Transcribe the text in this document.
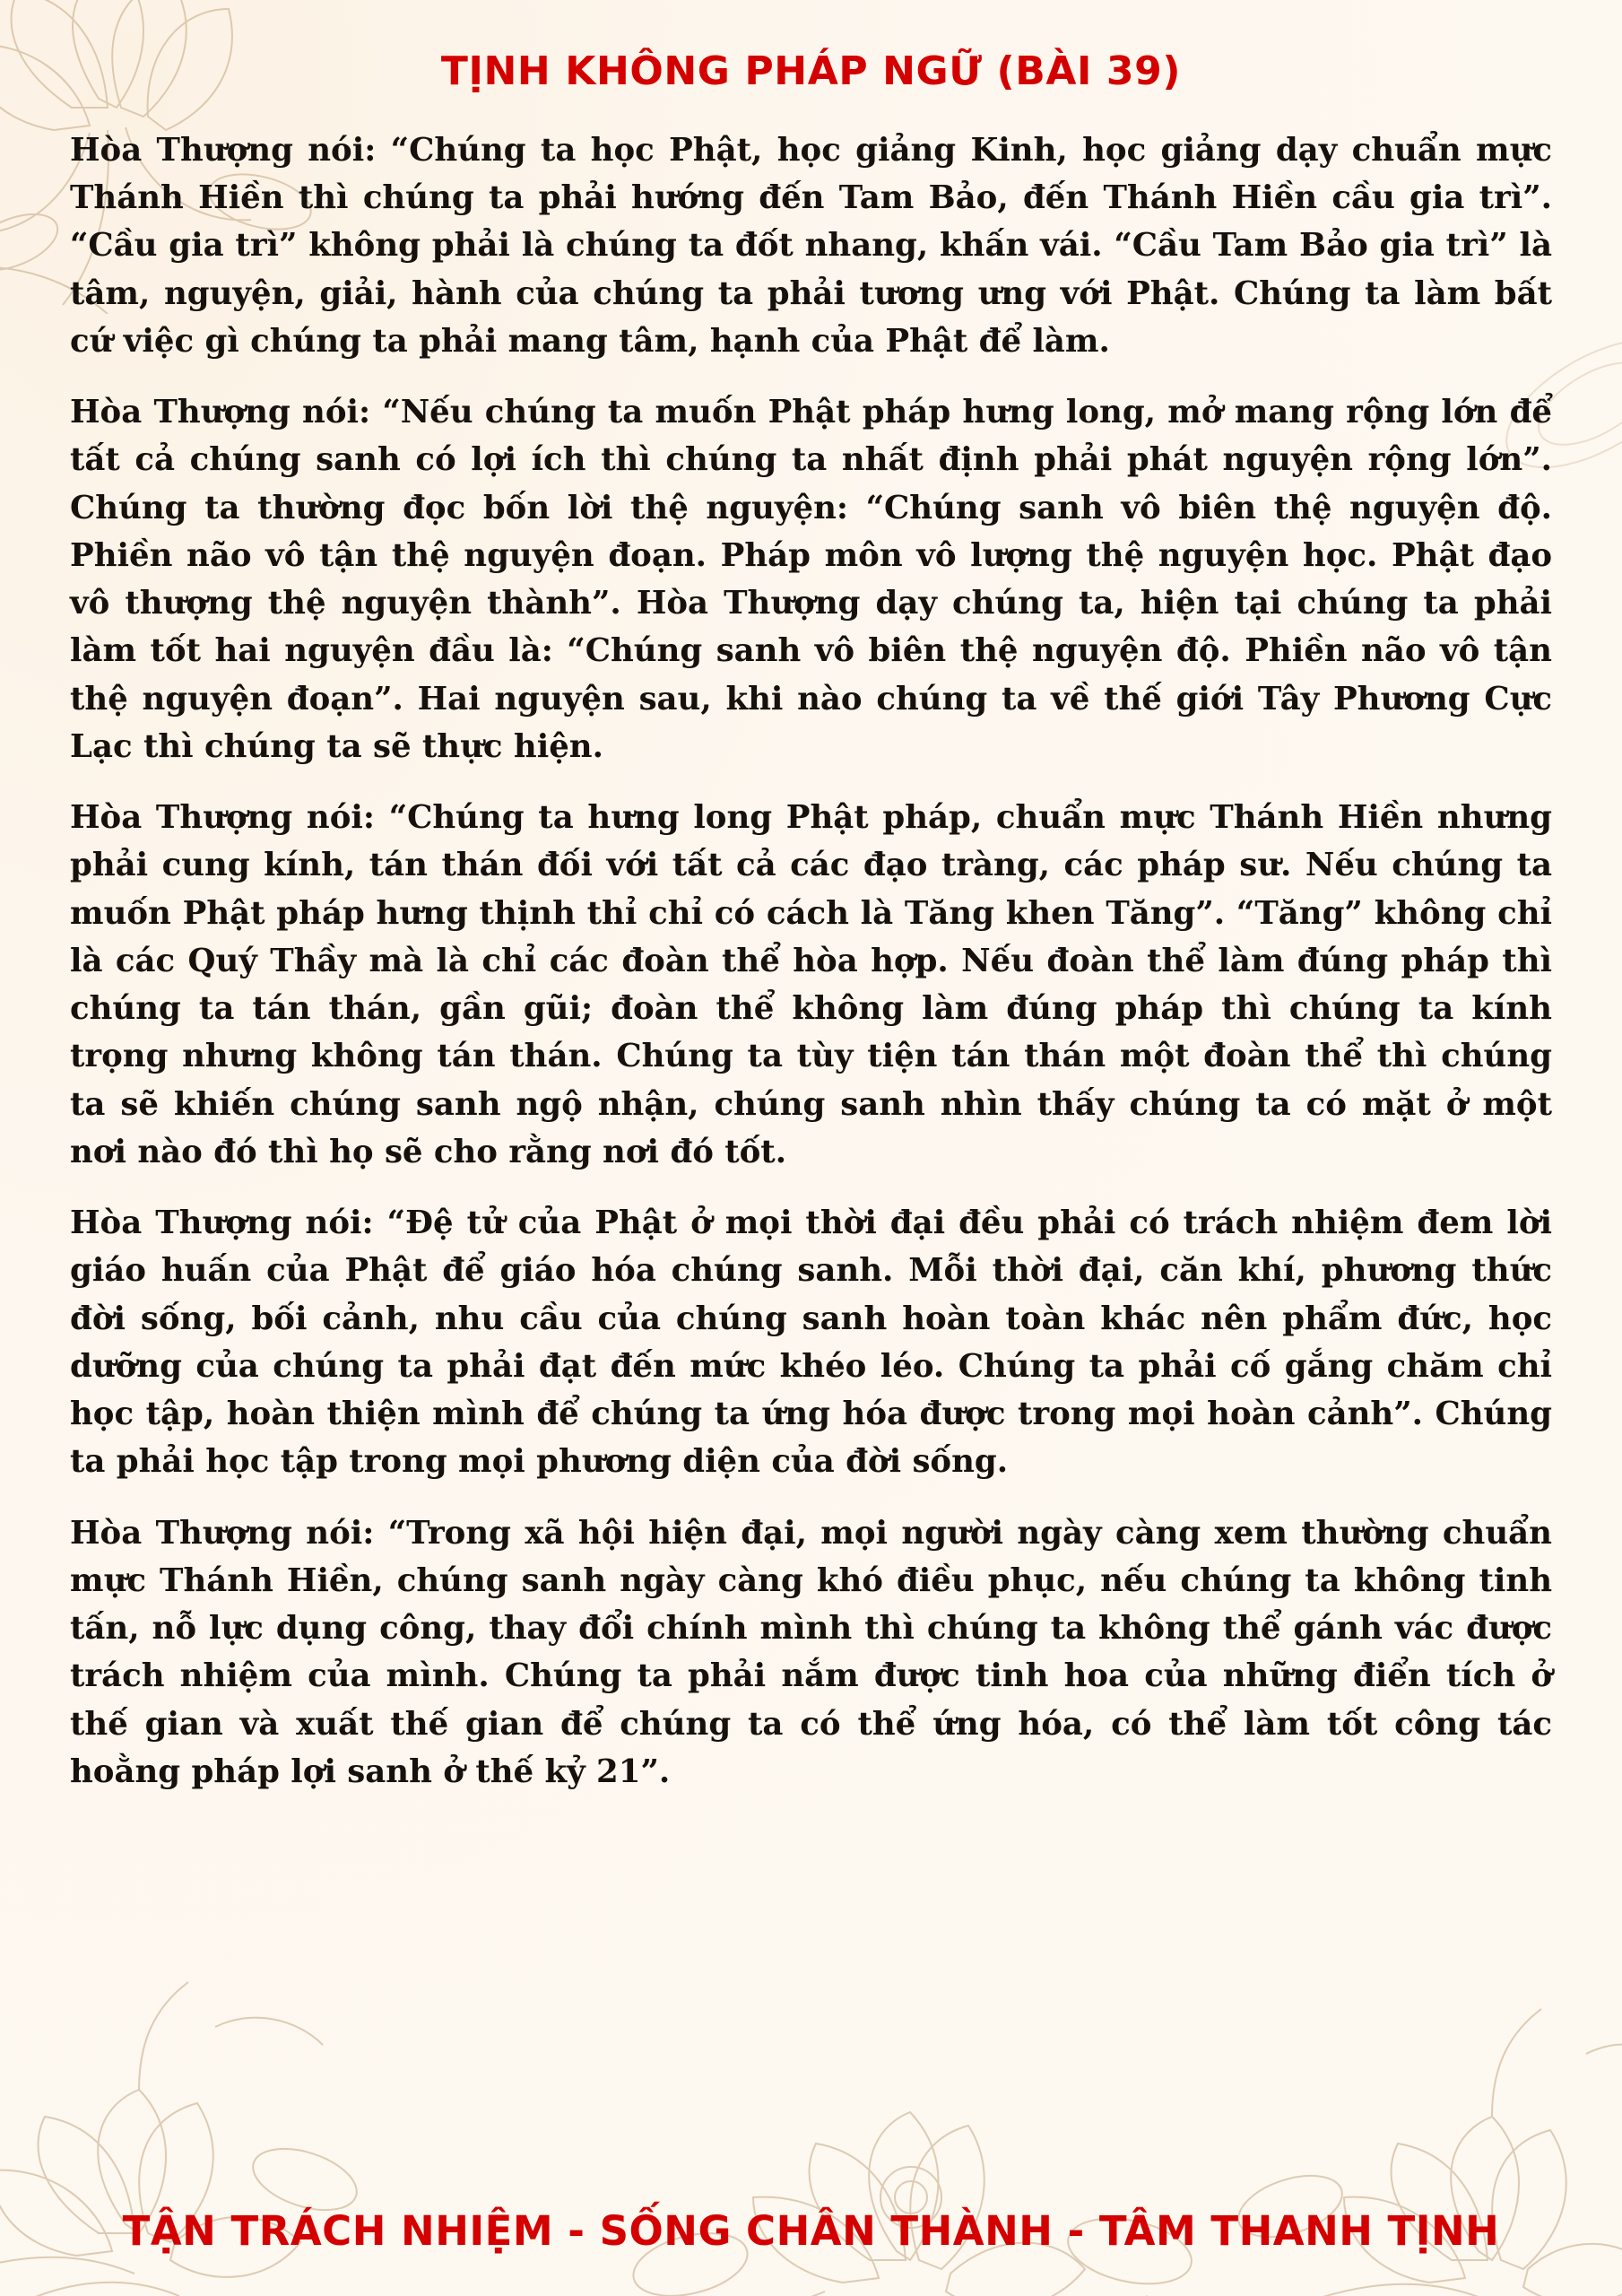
TỊNH KHÔNG PHÁP NGỮ (BÀI 39)

Hòa Thượng nói: “Chúng ta học Phật, học giảng Kinh, học giảng dạy chuẩn mực Thánh Hiền thì chúng ta phải hướng đến Tam Bảo, đến Thánh Hiền cầu gia trì”. “Cầu gia trì” không phải là chúng ta đốt nhang, khấn vái. “Cầu Tam Bảo gia trì” là tâm, nguyện, giải, hành của chúng ta phải tương ưng với Phật. Chúng ta làm bất cứ việc gì chúng ta phải mang tâm, hạnh của Phật để làm.

Hòa Thượng nói: “Nếu chúng ta muốn Phật pháp hưng long, mở mang rộng lớn để tất cả chúng sanh có lợi ích thì chúng ta nhất định phải phát nguyện rộng lớn”. Chúng ta thường đọc bốn lời thệ nguyện: “Chúng sanh vô biên thệ nguyện độ. Phiền não vô tận thệ nguyện đoạn. Pháp môn vô lượng thệ nguyện học. Phật đạo vô thượng thệ nguyện thành”. Hòa Thượng dạy chúng ta, hiện tại chúng ta phải làm tốt hai nguyện đầu là: “Chúng sanh vô biên thệ nguyện độ. Phiền não vô tận thệ nguyện đoạn”. Hai nguyện sau, khi nào chúng ta về thế giới Tây Phương Cực Lạc thì chúng ta sẽ thực hiện.

Hòa Thượng nói: “Chúng ta hưng long Phật pháp, chuẩn mực Thánh Hiền nhưng phải cung kính, tán thán đối với tất cả các đạo tràng, các pháp sư. Nếu chúng ta muốn Phật pháp hưng thịnh thỉ chỉ có cách là Tăng khen Tăng”. “Tăng” không chỉ là các Quý Thầy mà là chỉ các đoàn thể hòa hợp. Nếu đoàn thể làm đúng pháp thì chúng ta tán thán, gần gũi; đoàn thể không làm đúng pháp thì chúng ta kính trọng nhưng không tán thán. Chúng ta tùy tiện tán thán một đoàn thể thì chúng ta sẽ khiến chúng sanh ngộ nhận, chúng sanh nhìn thấy chúng ta có mặt ở một nơi nào đó thì họ sẽ cho rằng nơi đó tốt.

Hòa Thượng nói: “Đệ tử của Phật ở mọi thời đại đều phải có trách nhiệm đem lời giáo huấn của Phật để giáo hóa chúng sanh. Mỗi thời đại, căn khí, phương thức đời sống, bối cảnh, nhu cầu của chúng sanh hoàn toàn khác nên phẩm đức, học dưỡng của chúng ta phải đạt đến mức khéo léo. Chúng ta phải cố gắng chăm chỉ học tập, hoàn thiện mình để chúng ta ứng hóa được trong mọi hoàn cảnh”. Chúng ta phải học tập trong mọi phương diện của đời sống.

Hòa Thượng nói: “Trong xã hội hiện đại, mọi người ngày càng xem thường chuẩn mực Thánh Hiền, chúng sanh ngày càng khó điều phục, nếu chúng ta không tinh tấn, nỗ lực dụng công, thay đổi chính mình thì chúng ta không thể gánh vác được trách nhiệm của mình. Chúng ta phải nắm được tinh hoa của những điển tích ở thế gian và xuất thế gian để chúng ta có thể ứng hóa, có thể làm tốt công tác hoằng pháp lợi sanh ở thế kỷ 21”.

TẬN TRÁCH NHIỆM - SỐNG CHÂN THÀNH - TÂM THANH TỊNH
